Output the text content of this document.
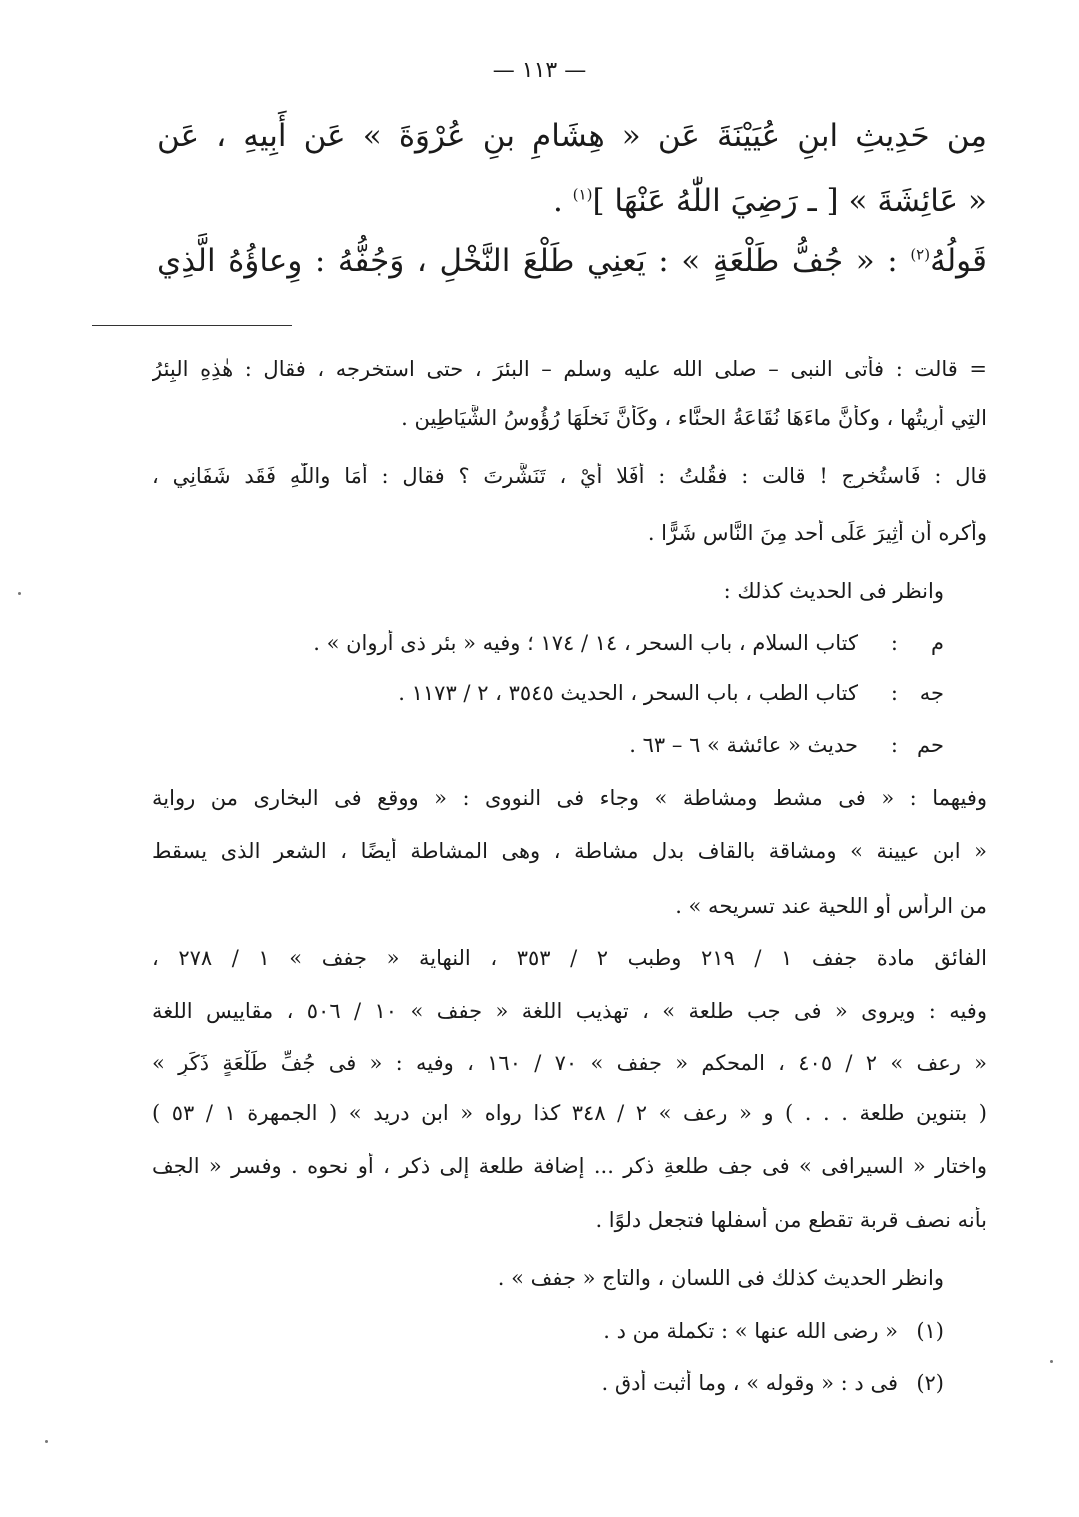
— ١١٣ —
مِن حَدِيثِ ابنِ عُيَيْنَةَ عَن « هِشَامِ بنِ عُرْوَةَ » عَن أَبِيهِ ، عَن
« عَائِشَةَ » [ ـ رَضِيَ اللّٰهُ عَنْهَا ]$^{(١)}$ .
قَولُهُ$^{(٢)}$ : « جُفُّ طَلْعَةٍ » : يَعنِي طَلْعَ النَّخْلِ ، وَجُفُّهُ : وِعاؤُهُ الَّذِي
= قالت : فأتى النبى – صلى الله عليه وسلم – البئرَ ، حتى استخرجه ، فقال : هٰذِهِ البِئرُ
التِي أُرِيتُها ، وكأَنَّ ماءَهَا نُقَاعَةُ الحنَّاء ، وكَأَنَّ نَخلَهَا رُؤُوسُ الشَّيَاطِين .
قال : فَاستُخرِج ! قالت : فقُلتُ : أَفَلا أَيْ ، تَنَشَّرتَ ؟ فقال : أَمَا واللّٰهِ فَقَد شَفَانِي ،
وأَكره أَن أُثِيرَ عَلَى أحد مِنَ النَّاسِ شَرًّا .
وانظر فى الحديث كذلك :
م:كتاب السلام ، باب السحر ، ١٤ / ١٧٤ ؛ وفيه « بئر ذى أروان » .
جه:كتاب الطب ، باب السحر ، الحديث ٣٥٤٥ ، ٢ / ١١٧٣ .
حم:حديث « عائشة » ٦ – ٦٣ .
وفيهما : « فى مشط ومشاطة » وجاء فى النووى : « ووقع فى البخارى من رواية
« ابن عيينة » ومشاقة بالقاف بدل مشاطة ، وهى المشاطة أيضًا ، الشعر الذى يسقط
من الرأس أو اللحية عند تسريحه » .
الفائق مادة جفف ١ / ٢١٩ وطبب ٢ / ٣٥٣ ، النهاية « جفف » ١ / ٢٧٨ ،
وفيه : ويروى « فى جب طلعة » ، تهذيب اللغة « جفف » ١٠ / ٥٠٦ ، مقاييس اللغة
« رعف » ٢ / ٤٠٥ ، المحكم « جفف » ٧٠ / ١٦٠ ، وفيه : « فى جُفِّ طَلْعَةٍ ذَكَرٍ »
( بتنوين طلعة . . . ) و « رعف » ٢ / ٣٤٨ كذا رواه « ابن دريد » ( الجمهرة ١ / ٥٣ )
واختار « السيرافى » فى جف طلعةِ ذكر ... إضافة طلعة إلى ذكر ، أو نحوه . وفسر « الجف
بأنه نصف قربة تقطع من أسفلها فتجعل دلوًا .
وانظر الحديث كذلك فى اللسان ، والتاج « جفف » .
(١)« رضى الله عنها » : تكملة من د .
(٢)فى د : « وقوله » ، وما أثبت أدق .
